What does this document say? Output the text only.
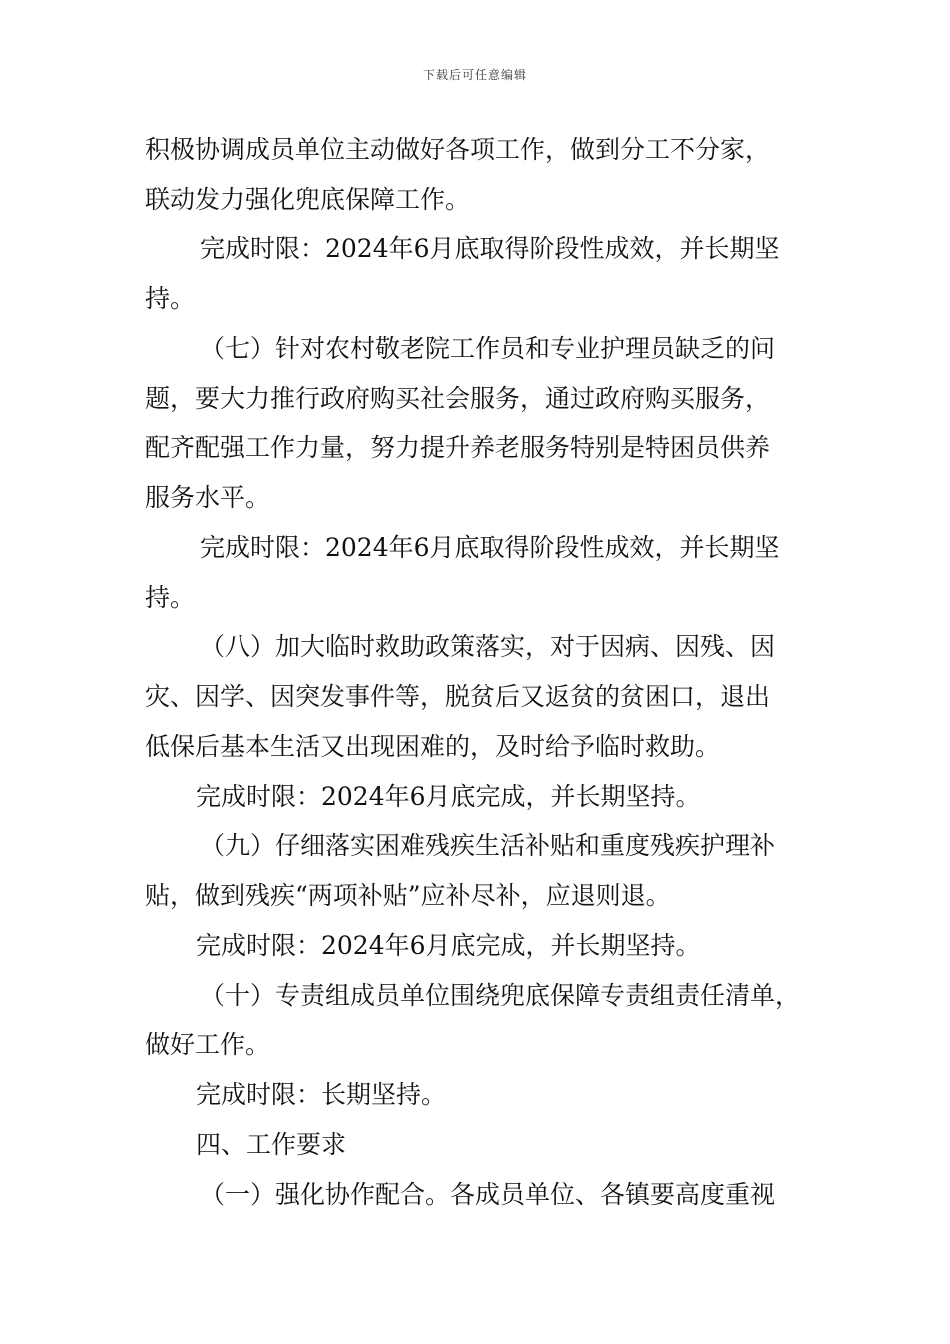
下载后可任意编辑
积极协调成员单位主动做好各项工作，做到分工不分家，
联动发力强化兜底保障工作。
完成时限：2024年6月底取得阶段性成效，并长期坚
持。
（七）针对农村敬老院工作员和专业护理员缺乏的问
题，要大力推行政府购买社会服务，通过政府购买服务，
配齐配强工作力量，努力提升养老服务特别是特困员供养
服务水平。
完成时限：2024年6月底取得阶段性成效，并长期坚
持。
（八）加大临时救助政策落实，对于因病、因残、因
灾、因学、因突发事件等，脱贫后又返贫的贫困口，退出
低保后基本生活又出现困难的，及时给予临时救助。
完成时限：2024年6月底完成，并长期坚持。
（九）仔细落实困难残疾生活补贴和重度残疾护理补
贴，做到残疾“两项补贴”应补尽补，应退则退。
完成时限：2024年6月底完成，并长期坚持。
（十）专责组成员单位围绕兜底保障专责组责任清单，
做好工作。
完成时限：长期坚持。
四、工作要求
（一）强化协作配合。各成员单位、各镇要高度重视
